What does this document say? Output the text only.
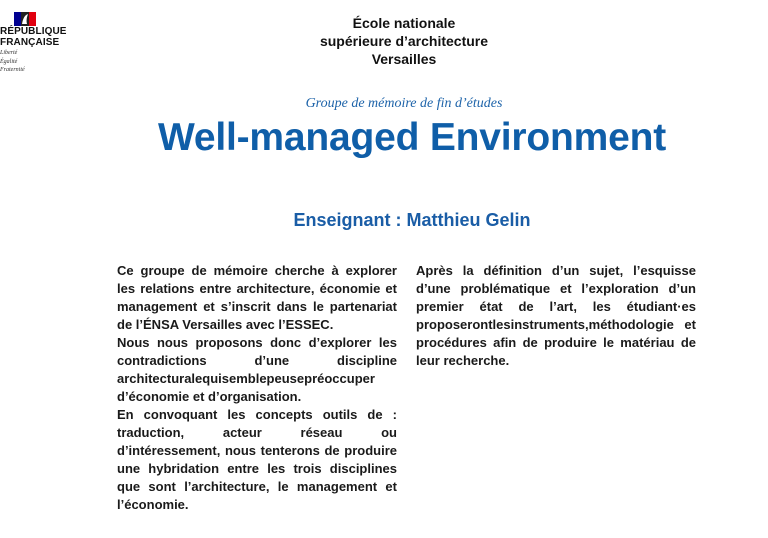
RÉPUBLIQUE
FRANÇAISE
Liberté
Égalité
Fraternité
École nationale
supérieure d’architecture
Versailles
Groupe de mémoire de fin d’études
Well-managed Environment
Enseignant : Matthieu Gelin

Ce groupe de mémoire cherche à explorer les relations entre architecture, économie et management et s’inscrit dans le partenariat de l’ÉNSA Versailles avec l’ESSEC.

Nous nous proposons donc d’explorer les contradictions d’une discipline architecturalequisemblepeusepréoccuper d’économie et d’organisation.

En convoquant les concepts outils de : traduction, acteur réseau ou d’intéressement, nous tenterons de produire une hybridation entre les trois disciplines que sont l’architecture, le management et l’économie.

Après la définition d’un sujet, l’esquisse d’une problématique et l’exploration d’un premier état de l’art, les étudiant·es proposerontlesinstruments,méthodologie et procédures afin de produire le matériau de leur recherche.
